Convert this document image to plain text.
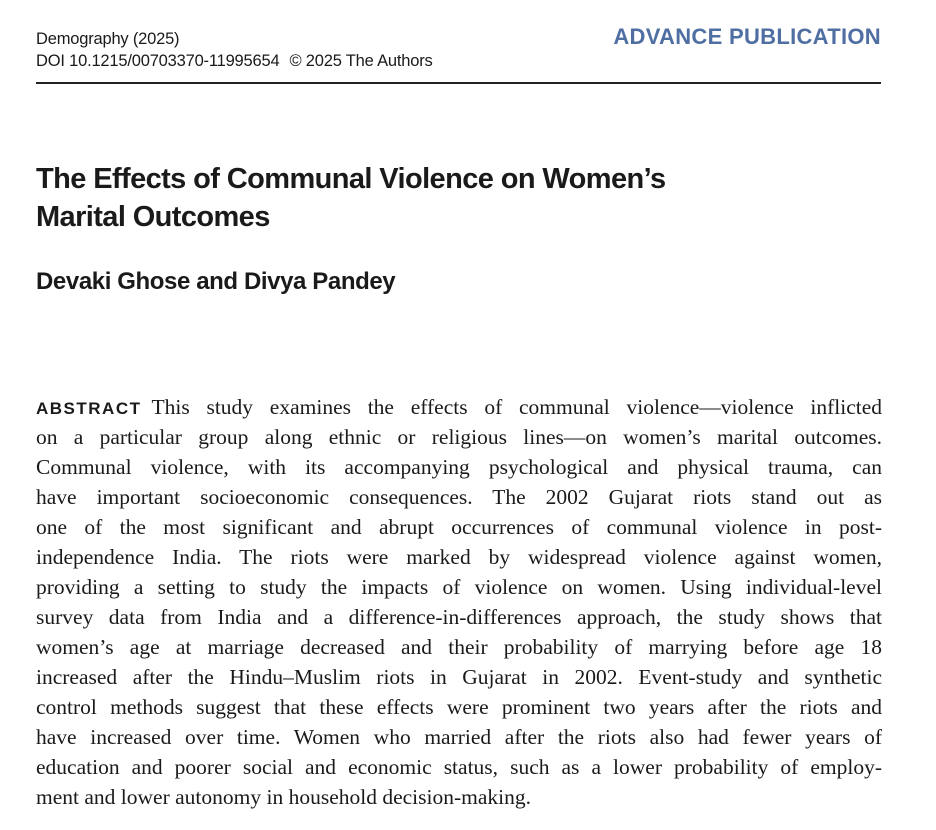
Demography (2025)
DOI 10.1215/00703370-11995654 © 2025 The Authors
ADVANCE PUBLICATION
The Effects of Communal Violence on Women’s
Marital Outcomes
Devaki Ghose and Divya Pandey
ABSTRACT This study examines the effects of communal violence—violence inflicted
on a particular group along ethnic or religious lines—on women’s marital outcomes.
Communal violence, with its accompanying psychological and physical trauma, can
have important socioeconomic consequences. The 2002 Gujarat riots stand out as
one of the most significant and abrupt occurrences of communal violence in post-
independence India. The riots were marked by widespread violence against women,
providing a setting to study the impacts of violence on women. Using individual-level
survey data from India and a difference-in-differences approach, the study shows that
women’s age at marriage decreased and their probability of marrying before age 18
increased after the Hindu–Muslim riots in Gujarat in 2002. Event-study and synthetic
control methods suggest that these effects were prominent two years after the riots and
have increased over time. Women who married after the riots also had fewer years of
education and poorer social and economic status, such as a lower probability of employ-
ment and lower autonomy in household decision-making.
